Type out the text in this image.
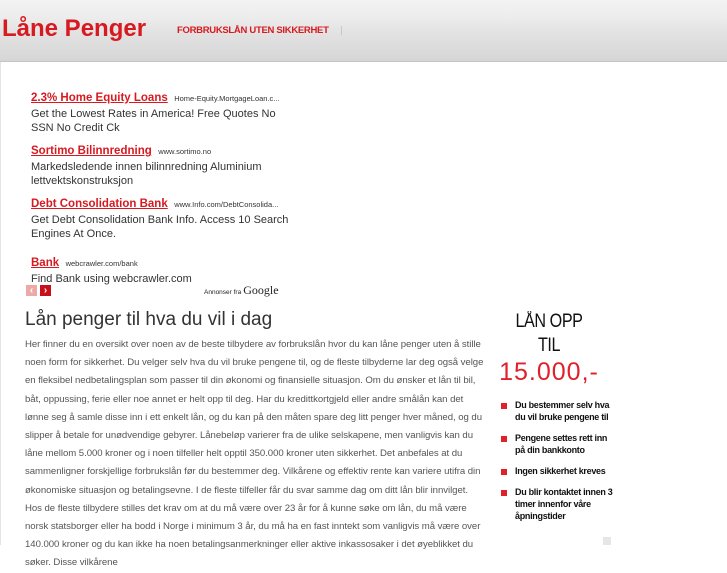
Låne Penger	FORBRUKSLÅN UTEN SIKKERHET
2.3% Home Equity Loans Home-Equity.MortgageLoan.c...
Get the Lowest Rates in America! Free Quotes No SSN No Credit Ck
Sortimo Bilinnredning www.sortimo.no
Markedsledende innen bilinnredning Aluminium lettvektskonstruksjon
Debt Consolidation Bank www.Info.com/DebtConsolida...
Get Debt Consolidation Bank Info. Access 10 Search Engines At Once.
Bank webcrawler.com/bank
Find Bank using webcrawler.com
‹	›	Annonser fra Google
Lån penger til hva du vil i dag

Her finner du en oversikt over noen av de beste tilbydere av forbrukslån hvor du kan låne penger uten å stille noen form for sikkerhet. Du velger selv hva du vil bruke pengene til, og de fleste tilbyderne lar deg også velge en fleksibel nedbetalingsplan som passer til din økonomi og finansielle situasjon. Om du ønsker et lån til bil, båt, oppussing, ferie eller noe annet er helt opp til deg. Har du kredittkortgjeld eller andre smålån kan det lønne seg å samle disse inn i ett enkelt lån, og du kan på den måten spare deg litt penger hver måned, og du slipper å betale for unødvendige gebyrer. Lånebeløp varierer fra de ulike selskapene, men vanligvis kan du låne mellom 5.000 kroner og i noen tilfeller helt opptil 350.000 kroner uten sikkerhet. Det anbefales at du sammenligner forskjellige forbrukslån før du bestemmer deg. Vilkårene og effektiv rente kan variere utifra din økonomiske situasjon og betalingsevne. I de fleste tilfeller får du svar samme dag om ditt lån blir innvilget. Hos de fleste tilbydere stilles det krav om at du må være over 23 år for å kunne søke om lån, du må være norsk statsborger eller ha bodd i Norge i minimum 3 år, du må ha en fast inntekt som vanligvis må være over 140.000 kroner og du kan ikke ha noen betalingsanmerkninger eller aktive inkassosaker i det øyeblikket du søker. Disse vilkårene

LÅN OPP
TIL
15.000,-
Du bestemmer selv hva du vil bruke pengene til
Pengene settes rett inn på din bankkonto
Ingen sikkerhet kreves
Du blir kontaktet innen 3 timer innenfor våre åpningstider
